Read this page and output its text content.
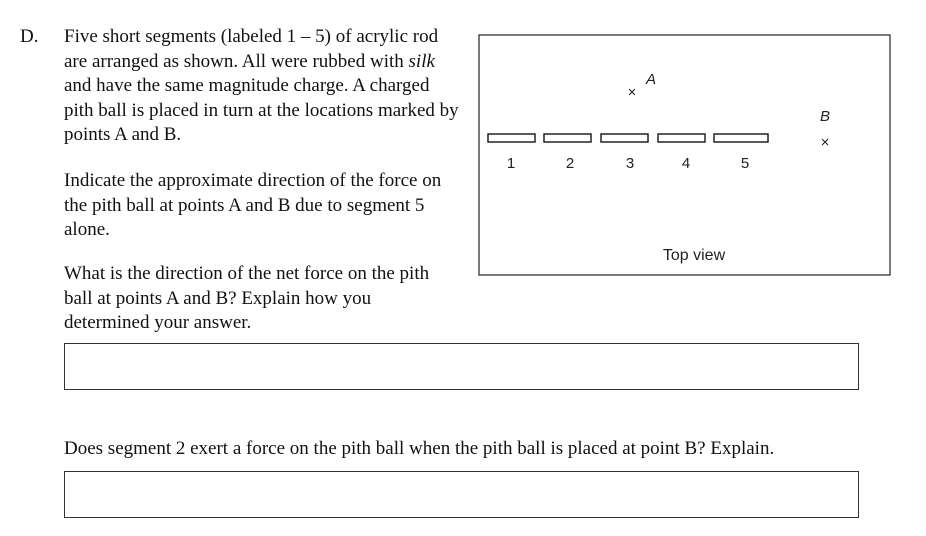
D. Five short segments (labeled 1 – 5) of acrylic rod are arranged as shown. All were rubbed with silk and have the same magnitude charge. A charged pith ball is placed in turn at the locations marked by points A and B.
Indicate the approximate direction of the force on the pith ball at points A and B due to segment 5 alone.
What is the direction of the net force on the pith ball at points A and B? Explain how you determined your answer.
Does segment 2 exert a force on the pith ball when the pith ball is placed at point B? Explain.
1	2	3	4	5
×
A
B
×
Top view
